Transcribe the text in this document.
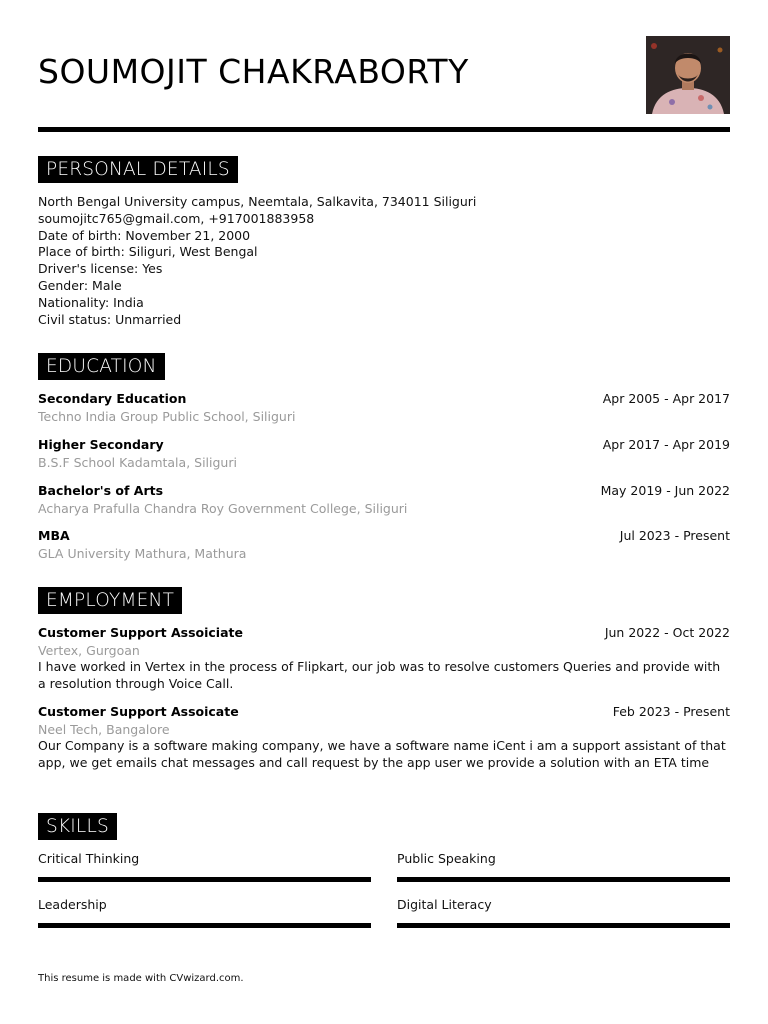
SOUMOJIT CHAKRABORTY
PERSONAL DETAILS
North Bengal University campus, Neemtala, Salkavita, 734011 Siliguri
soumojitc765@gmail.com, +917001883958
Date of birth: November 21, 2000
Place of birth: Siliguri, West Bengal
Driver's license: Yes
Gender: Male
Nationality: India
Civil status: Unmarried
EDUCATION
Secondary Education	Apr 2005 - Apr 2017
Techno India Group Public School, Siliguri
Higher Secondary	Apr 2017 - Apr 2019
B.S.F School Kadamtala, Siliguri
Bachelor's of Arts	May 2019 - Jun 2022
Acharya Prafulla Chandra Roy Government College, Siliguri
MBA	Jul 2023 - Present
GLA University Mathura, Mathura
EMPLOYMENT
Customer Support Assoiciate	Jun 2022 - Oct 2022
Vertex, Gurgoan
I have worked in Vertex in the process of Flipkart, our job was to resolve customers Queries and provide with a resolution through Voice Call.
Customer Support Assoicate	Feb 2023 - Present
Neel Tech, Bangalore
Our Company is a software making company, we have a software name iCent i am a support assistant of that app, we get emails chat messages and call request by the app user we provide a solution with an ETA time
SKILLS
Critical Thinking	Public Speaking
Leadership	Digital Literacy
This resume is made with CVwizard.com.
